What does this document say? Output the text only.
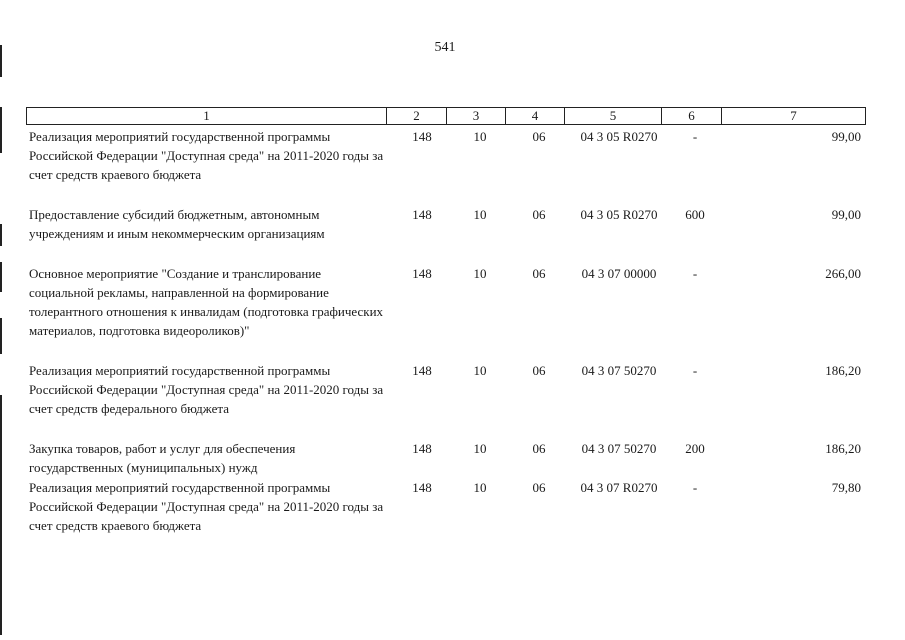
541
1	2	3	4	5	6	7
Реализация мероприятий государственной программы Российской Федерации "Доступная среда" на 2011-2020 годы за счет средств краевого бюджета
148	10	06	04 3 05 R0270	-	99,00
Предоставление субсидий бюджетным, автономным учреждениям и иным некоммерческим организациям
148	10	06	04 3 05 R0270	600	99,00
Основное мероприятие "Создание и транслирование социальной рекламы, направленной на формирование толерантного отношения к инвалидам (подготовка графических материалов, подготовка видеороликов)"
148	10	06	04 3 07 00000	-	266,00
Реализация мероприятий государственной программы Российской Федерации "Доступная среда" на 2011-2020 годы за счет средств федерального бюджета
148	10	06	04 3 07 50270	-	186,20
Закупка товаров, работ и услуг для обеспечения государственных (муниципальных) нужд
148	10	06	04 3 07 50270	200	186,20
Реализация мероприятий государственной программы Российской Федерации "Доступная среда" на 2011-2020 годы за счет средств краевого бюджета
148	10	06	04 3 07 R0270	-	79,80
